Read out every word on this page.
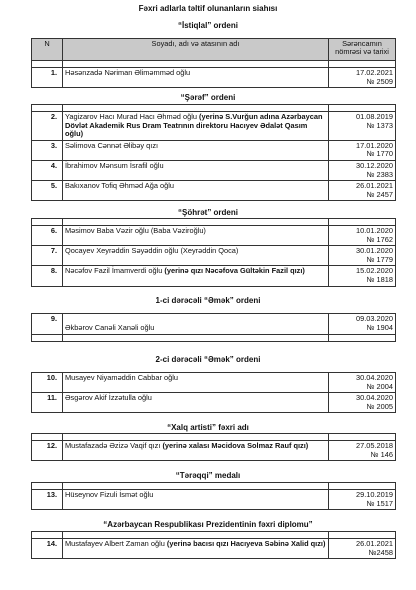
Fəxri adlarla təltif olunanların siahısı
“İstiqlal” ordeni
N	Soyadı, adı və atasının adı	Sərəncamın
nömrəsi və tarixi

1.	Həsənzadə Nəriman Əliməmməd oğlu	17.02.2021
№ 2509
“Şərəf” ordeni

2.	Yagizarov Hacı Murad Hacı Əhməd oğlu (yerinə S.Vurğun adına Azərbaycan Dövlət Akademik Rus Dram Teatrının direktoru Hacıyev Ədalət Qasım oğlu)	01.08.2019
№ 1373

3.	Səlimova Cənnət Əlibəy qızı	17.01.2020
№ 1770

4.	İbrahimov Mənsum İsrafil oğlu	30.12.2020
№ 2383

5.	Bakıxanov Tofiq Əhməd Ağa oğlu	26.01.2021
№ 2457
“Şöhrət” ordeni

6.	Məsimov Baba Vəzir oğlu (Baba Vəziroğlu)	10.01.2020
№ 1762

7.	Qocayev Xeyrəddin Səyəddin oğlu (Xeyrəddin Qoca)	30.01.2020
№ 1779

8.	Nəcəfov Fazil İmamverdi oğlu (yerinə qızı Nəcəfova Gültəkin Fazil qızı)	15.02.2020
№ 1818
1-ci dərəcəli “Əmək” ordeni
9.	Əkbərov Canəli Xanəli oğlu	09.03.2020
№ 1904

2-ci dərəcəli “Əmək” ordeni
10.	Musayev Niyaməddin Cabbar oğlu	30.04.2020
№ 2004

11.	Əsgərov Akif İzzətulla oğlu	30.04.2020
№ 2005
“Xalq artisti” fəxri adı

12.	Mustafazadə Əzizə Vaqif qızı (yerinə xalası Məcidova Solmaz Rauf qızı)	27.05.2018
№ 146
“Tərəqqi” medalı

13.	Hüseynov Fizuli İsmət oğlu	29.10.2019
№ 1517
“Azərbaycan Respublikası Prezidentinin fəxri diplomu”

14.	Mustafayev Albert Zaman oğlu (yerinə bacısı qızı Hacıyeva Səbinə Xalid qızı)	26.01.2021
№2458
